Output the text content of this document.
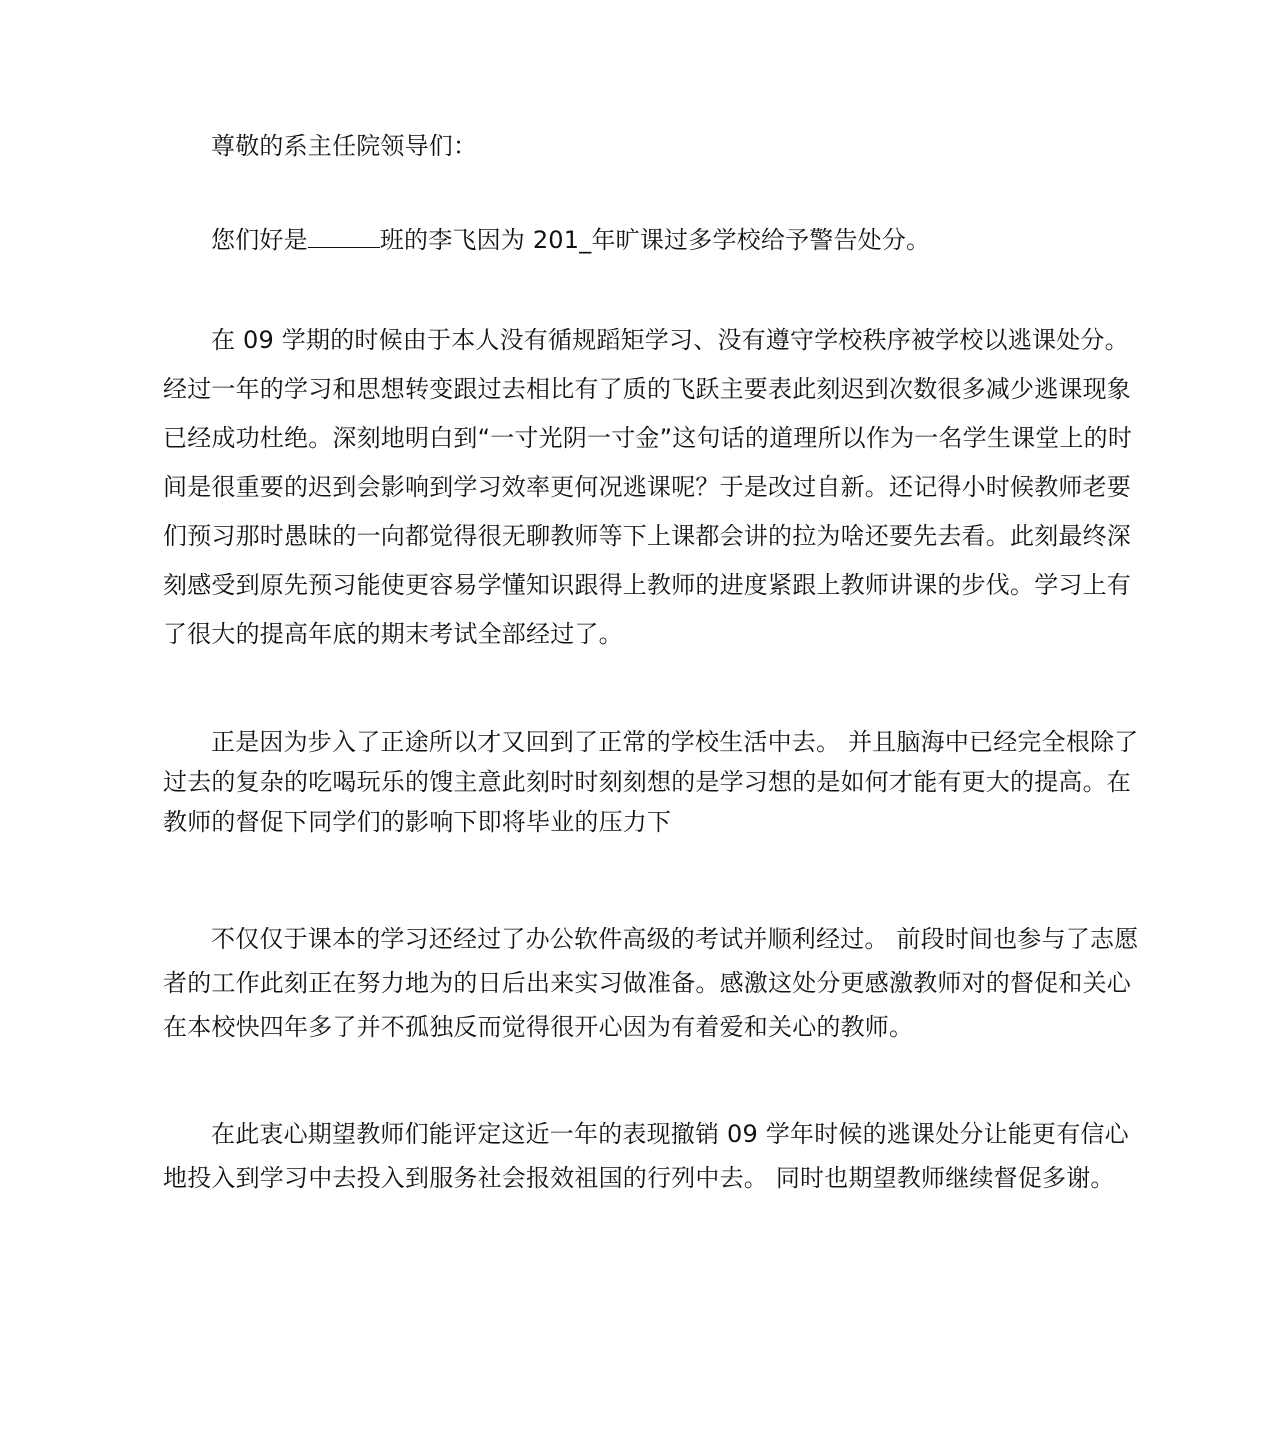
尊敬的系主任院领导们：

您们好是	班的李飞因为 201_年旷课过多学校给予警告处分。

在 09 学期的时候由于本人没有循规蹈矩学习、没有遵守学校秩序被学校以逃课处分。经过一年的学习和思想转变跟过去相比有了质的飞跃主要表此刻迟到次数很多减少逃课现象已经成功杜绝。深刻地明白到“一寸光阴一寸金”这句话的道理所以作为一名学生课堂上的时间是很重要的迟到会影响到学习效率更何况逃课呢？于是改过自新。还记得小时候教师老要们预习那时愚昧的一向都觉得很无聊教师等下上课都会讲的拉为啥还要先去看。此刻最终深刻感受到原先预习能使更容易学懂知识跟得上教师的进度紧跟上教师讲课的步伐。学习上有了很大的提高年底的期末考试全部经过了。

正是因为步入了正途所以才又回到了正常的学校生活中去。 并且脑海中已经完全根除了过去的复杂的吃喝玩乐的馊主意此刻时时刻刻想的是学习想的是如何才能有更大的提高。在教师的督促下同学们的影响下即将毕业的压力下

不仅仅于课本的学习还经过了办公软件高级的考试并顺利经过。 前段时间也参与了志愿者的工作此刻正在努力地为的日后出来实习做准备。感激这处分更感激教师对的督促和关心在本校快四年多了并不孤独反而觉得很开心因为有着爱和关心的教师。

在此衷心期望教师们能评定这近一年的表现撤销 09 学年时候的逃课处分让能更有信心地投入到学习中去投入到服务社会报效祖国的行列中去。 同时也期望教师继续督促多谢。
